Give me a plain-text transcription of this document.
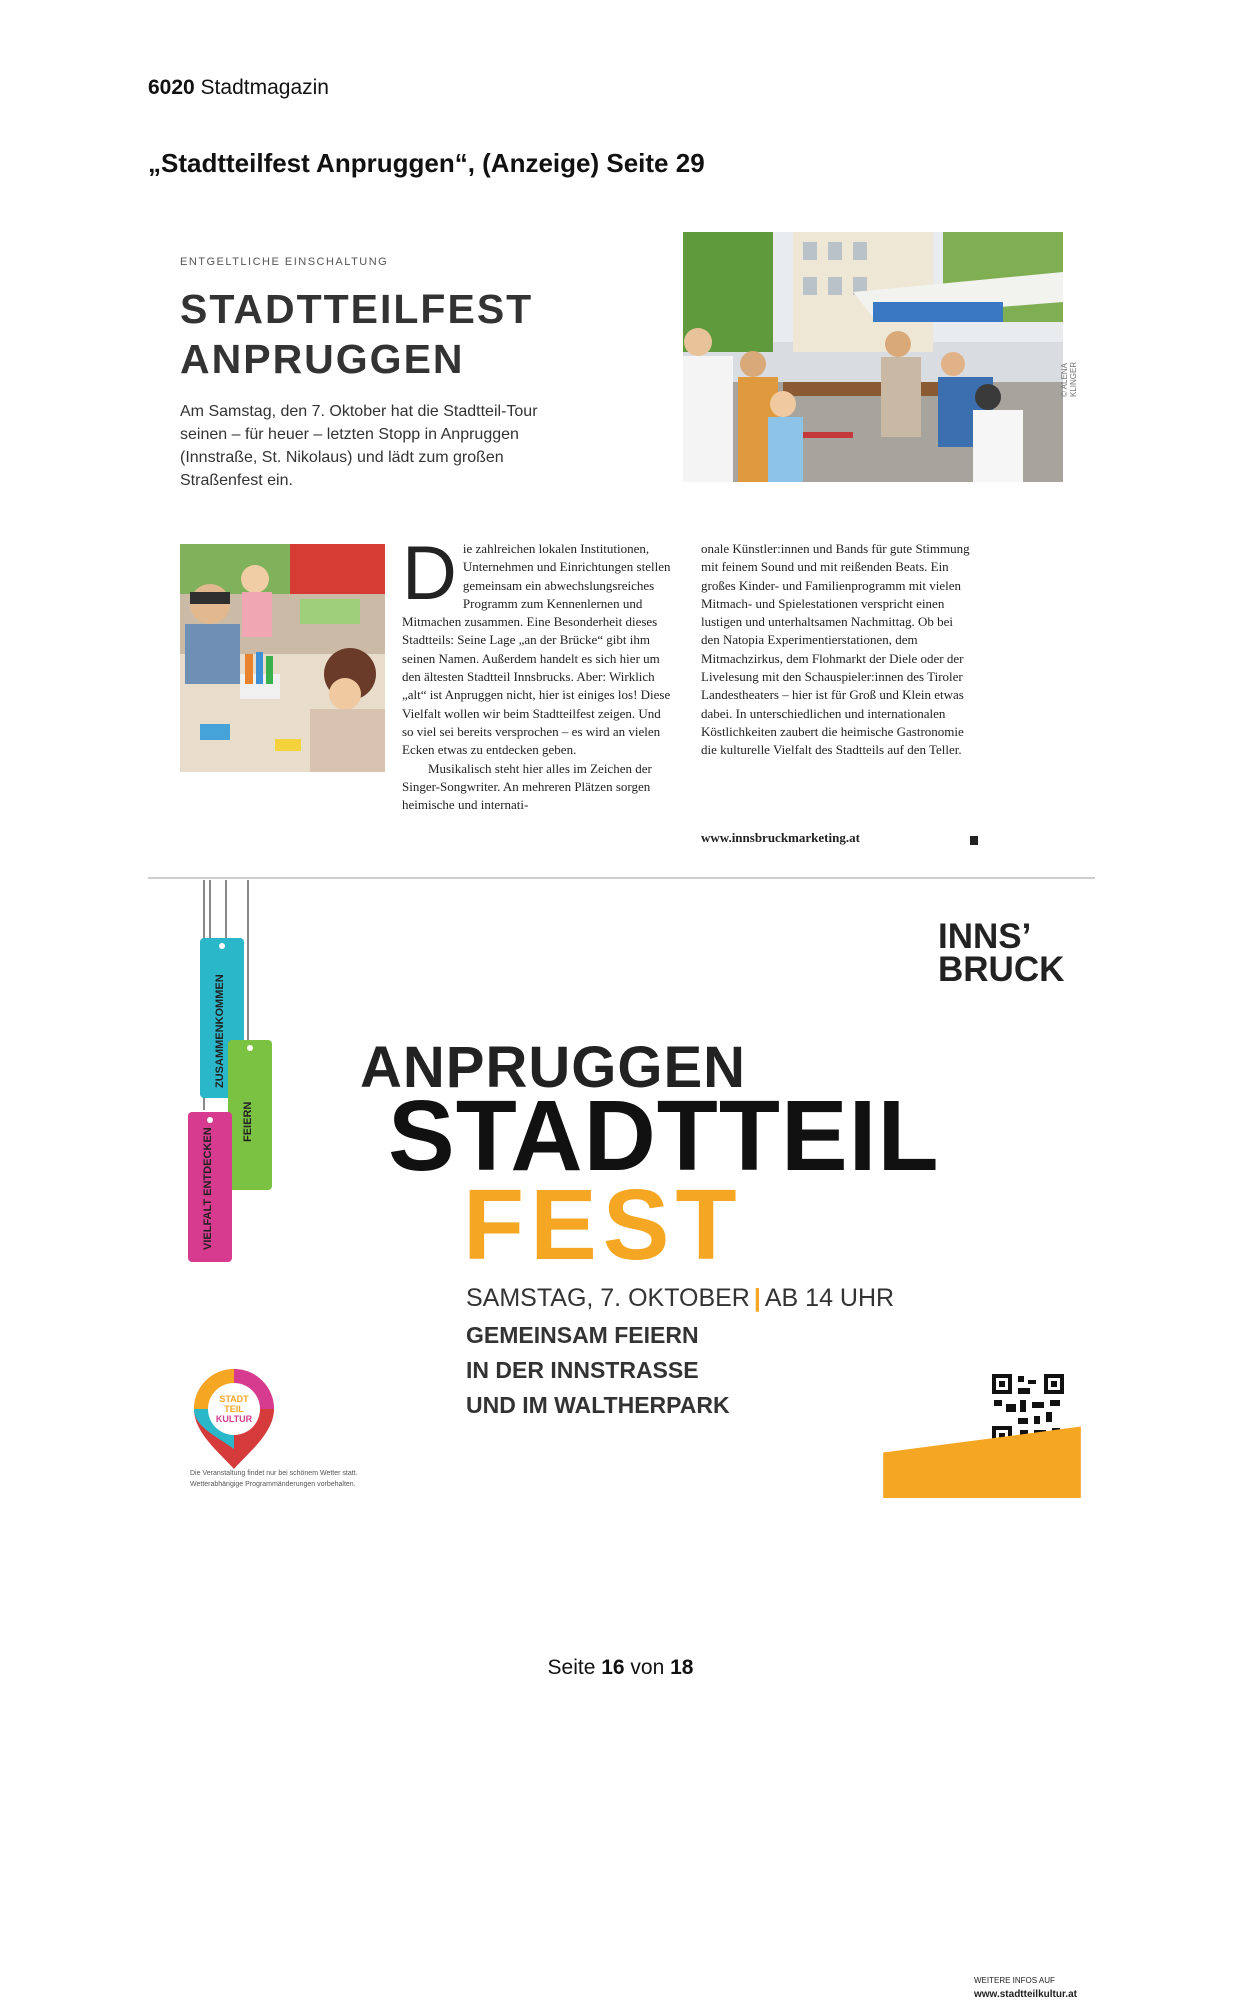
6020 Stadtmagazin
„Stadtteilfest Anpruggen“, (Anzeige) Seite 29
ENTGELTLICHE EINSCHALTUNG
STADTTEILFEST
ANPRUGGEN

Am Samstag, den 7. Oktober hat die Stadtteil-Tour seinen – für heuer – letzten Stopp in Anpruggen (Innstraße, St. Nikolaus) und lädt zum großen Straßenfest ein.

© ALENA KLINGER
Die zahlreichen lokalen Institutionen, Unternehmen und Einrichtungen stellen gemeinsam ein abwechslungsreiches Programm zum Kennenlernen und Mitmachen zusammen. Eine Besonderheit dieses Stadtteils: Seine Lage „an der Brücke“ gibt ihm seinen Namen. Außerdem handelt es sich hier um den ältesten Stadtteil Innsbrucks. Aber: Wirklich „alt“ ist Anpruggen nicht, hier ist einiges los! Diese Vielfalt wollen wir beim Stadtteilfest zeigen. Und so viel sei bereits versprochen – es wird an vielen Ecken etwas zu entdecken geben.

Musikalisch steht hier alles im Zeichen der Singer-Songwriter. An mehreren Plätzen sorgen heimische und internati-

onale Künstler:innen und Bands für gute Stimmung mit feinem Sound und mit reißenden Beats. Ein großes Kinder- und Familienprogramm mit vielen Mitmach- und Spielestationen verspricht einen lustigen und unterhaltsamen Nachmittag. Ob bei den Natopia Experimentierstationen, dem Mitmachzirkus, dem Flohmarkt der Diele oder der Livelesung mit den Schauspieler:innen des Tiroler Landestheaters – hier ist für Groß und Klein etwas dabei. In unterschiedlichen und internationalen Köstlichkeiten zaubert die heimische Gastronomie die kulturelle Vielfalt des Stadtteils auf den Teller.

www.innsbruckmarketing.at
ZUSAMMENKOMMEN
FEIERN
VIELFALT ENTDECKEN
INNS’
BRUCK
ANPRUGGEN
STADTTEIL
FEST
SAMSTAG, 7. OKTOBER | AB 14 UHR
GEMEINSAM FEIERN
IN DER INNSTRASSE
UND IM WALTHERPARK
STADT
TEIL
KULTUR
Die Veranstaltung findet nur bei schönem Wetter statt.
Wetterabhängige Programmänderungen vorbehalten.
WEITERE INFOS AUF
www.stadtteilkultur.at
Seite 16 von 18
